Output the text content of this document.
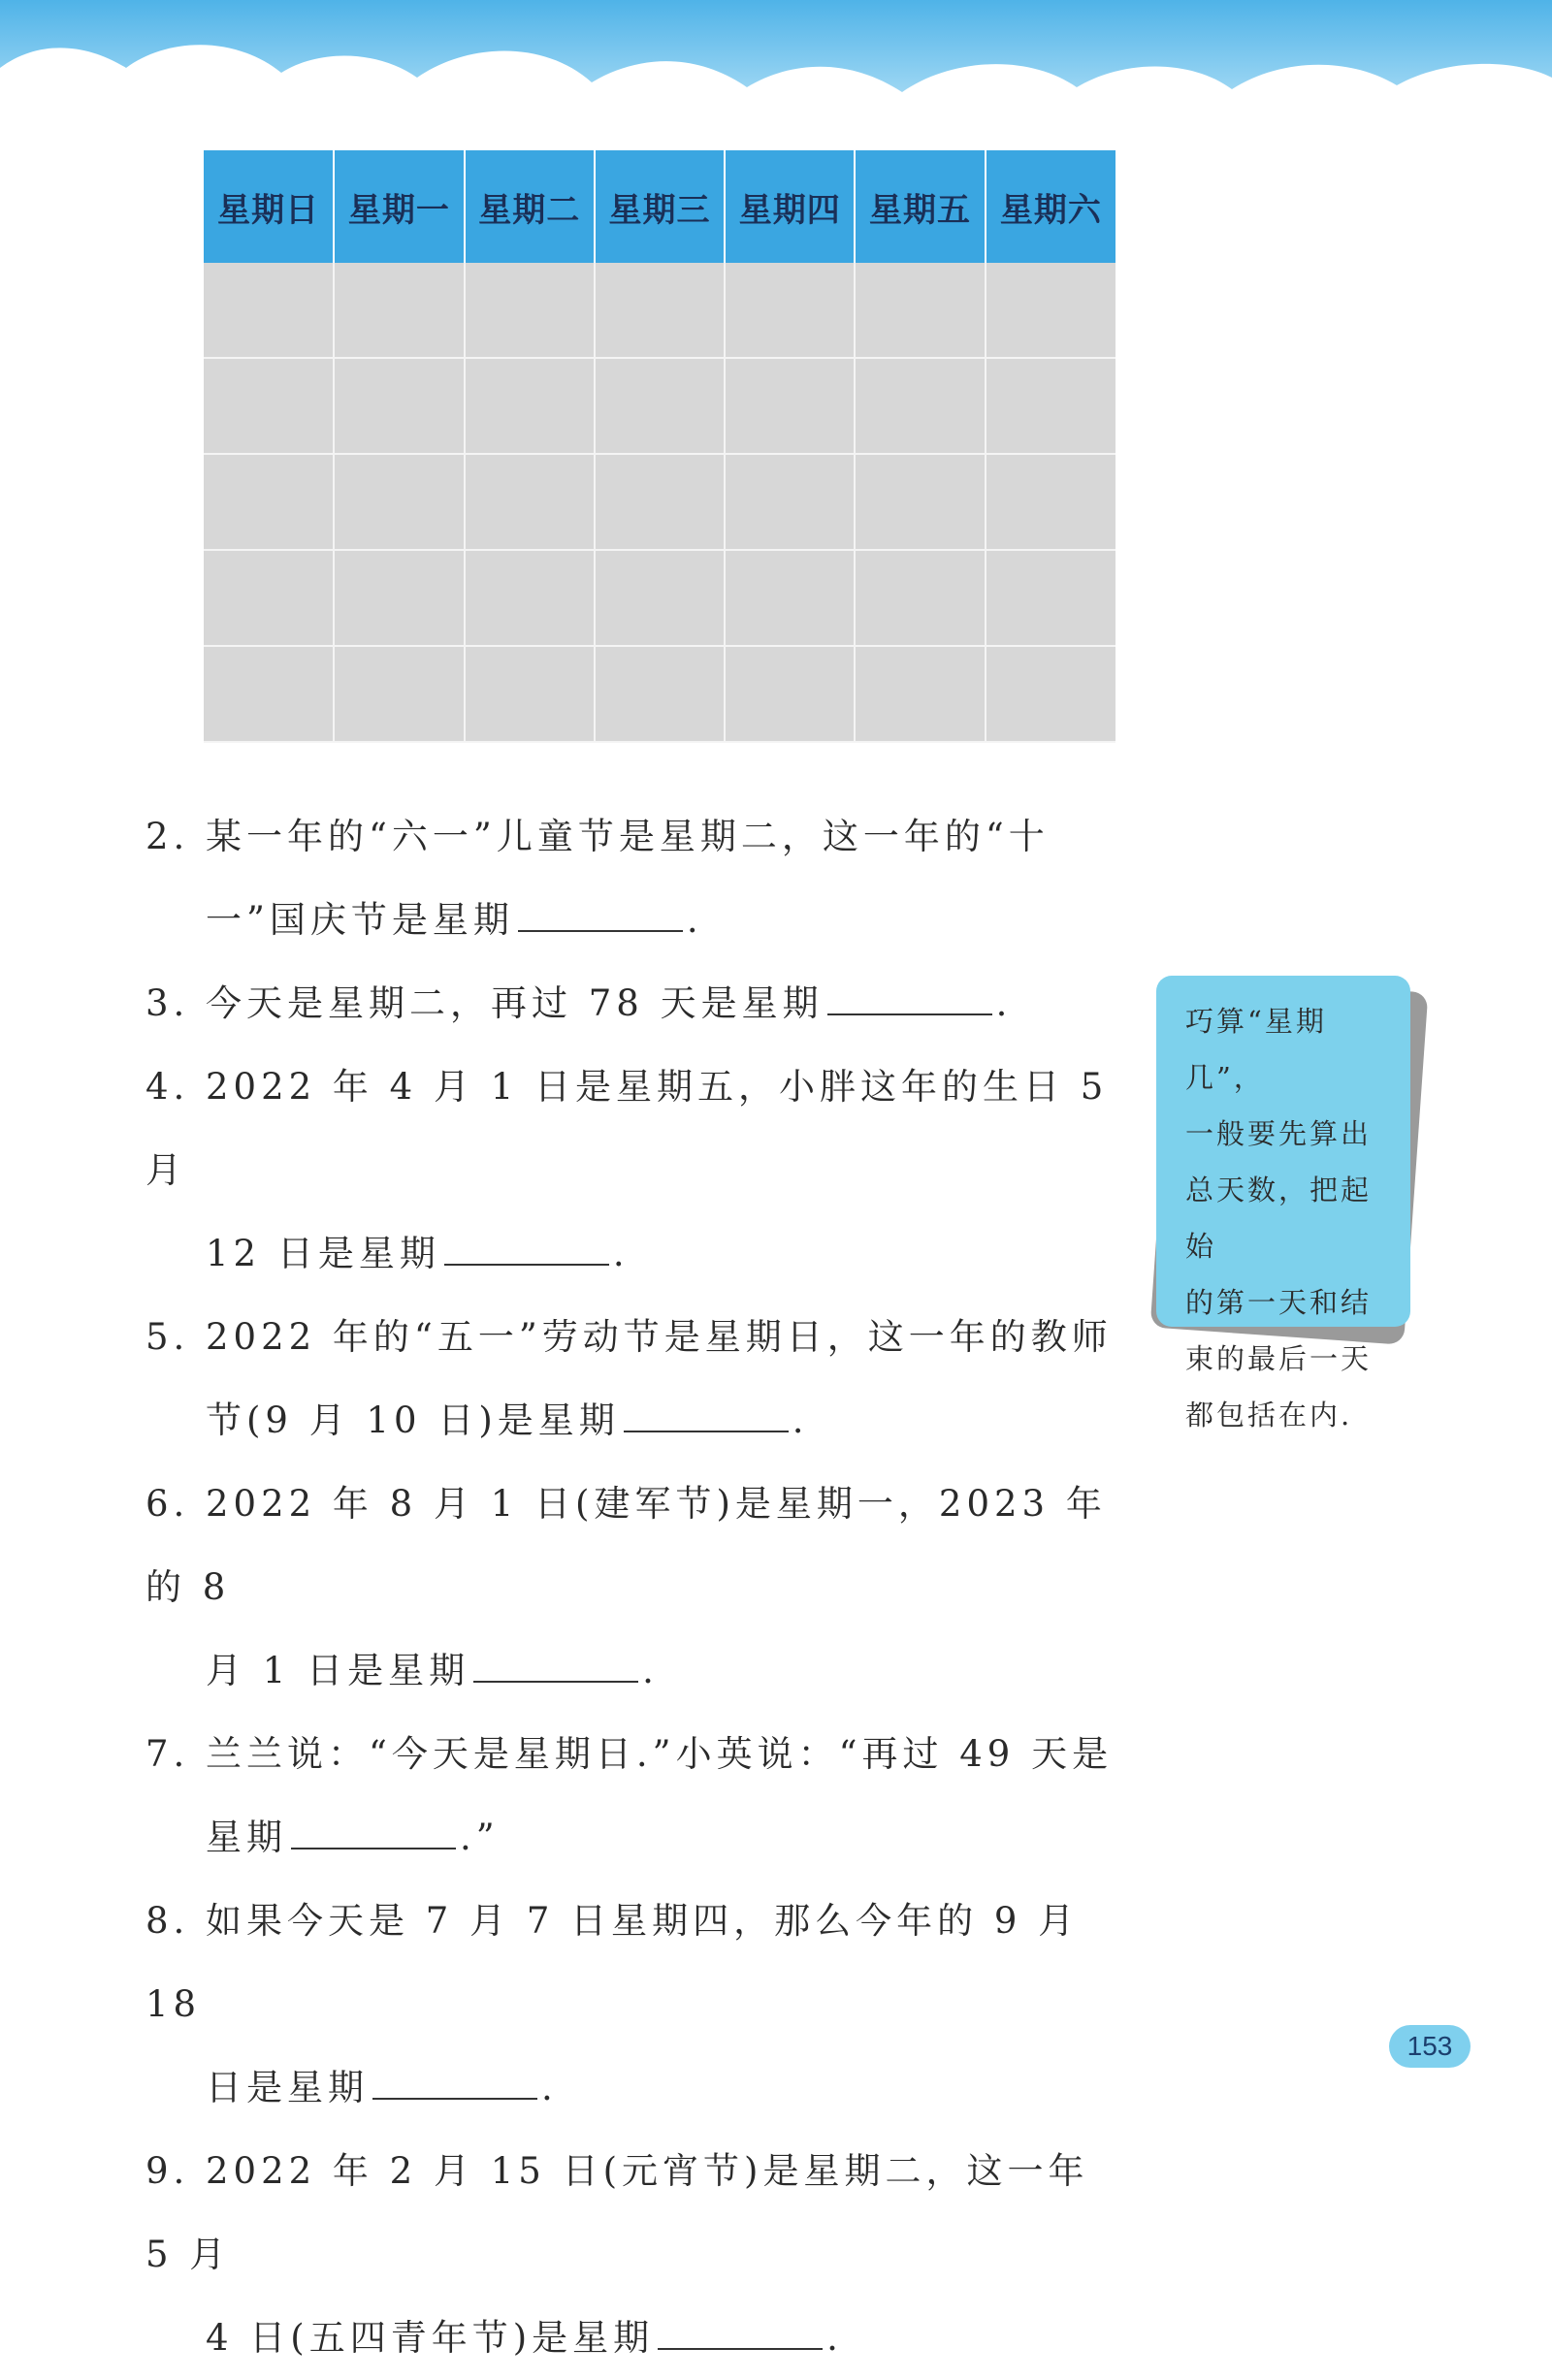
星期日	星期一	星期二	星期三	星期四	星期五	星期六

2. 某一年的“六一”儿童节是星期二，这一年的“十
一”国庆节是星期	.
3. 今天是星期二，再过 78 天是星期	.
4. 2022 年 4 月 1 日是星期五，小胖这年的生日 5 月
12 日是星期	.
5. 2022 年的“五一”劳动节是星期日，这一年的教师
节(9 月 10 日)是星期	.
6. 2022 年 8 月 1 日(建军节)是星期一，2023 年的 8
月 1 日是星期	.
7. 兰兰说：“今天是星期日.”小英说：“再过 49 天是
星期	.”
8. 如果今天是 7 月 7 日星期四，那么今年的 9 月 18
日是星期	.
9. 2022 年 2 月 15 日(元宵节)是星期二，这一年 5 月
4 日(五四青年节)是星期	.
巧算“星期几”，
一般要先算出
总天数，把起始
的第一天和结
束的最后一天
都包括在内.
153
